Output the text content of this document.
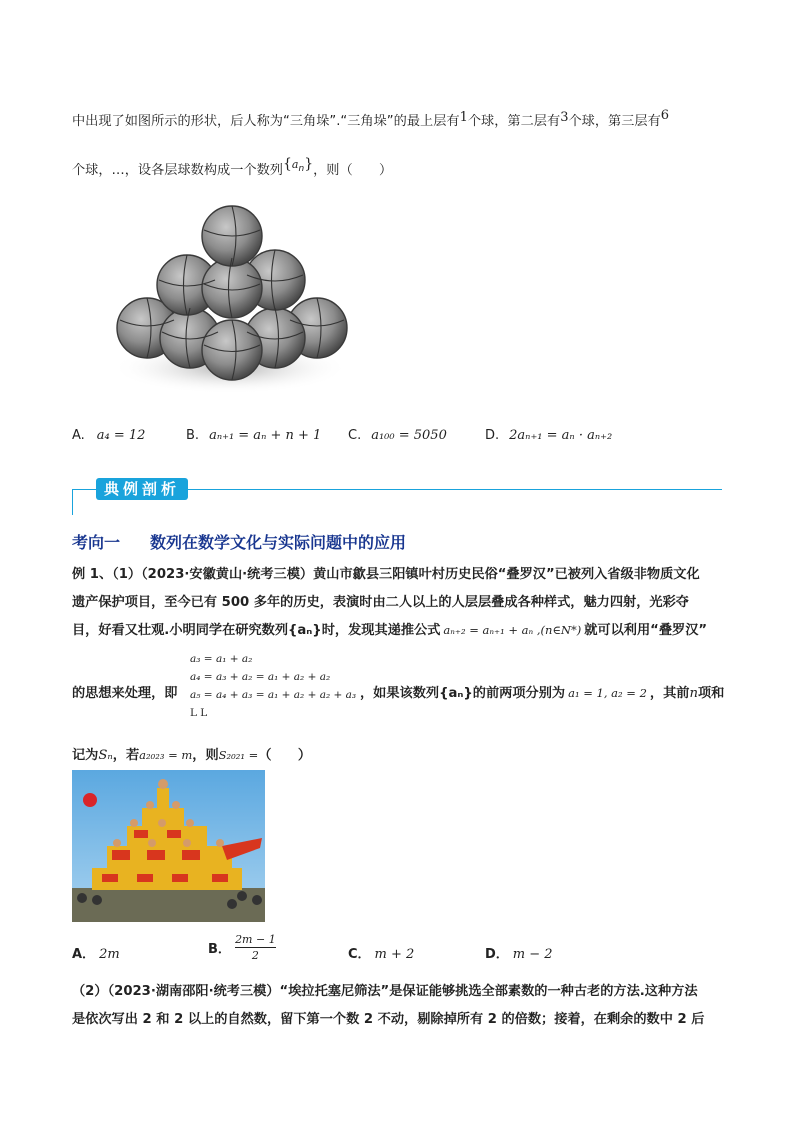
中出现了如图所示的形状，后人称为“三角垛”.“三角垛”的最上层有1个球，第二层有3个球，第三层有6
个球，…，设各层球数构成一个数列{$^{an}$}，则（　　）
A. a₄ = 12	B. aₙ₊₁ = aₙ + n + 1 C. a₁₀₀ = 5050	D. 2aₙ₊₁ = aₙ · aₙ₊₂
典例剖析
考向一 数列在数学文化与实际问题中的应用
例 1、（1）（2023·安徽黄山·统考三模）黄山市歙县三阳镇叶村历史民俗“叠罗汉”已被列入省级非物质文化
遗产保护项目，至今已有 500 多年的历史，表演时由二人以上的人层层叠成各种样式，魅力四射，光彩夺
目，好看又壮观.小明同学在研究数列{aₙ}时，发现其递推公式 aₙ₊₂ = aₙ₊₁ + aₙ ,(n∈N*) 就可以利用“叠罗汉”
a₃ = a₁ + a₂
a₄ = a₃ + a₂ = a₁ + a₂ + a₂
a₅ = a₄ + a₃ = a₁ + a₂ + a₂ + a₃
L L
的思想来处理，即	，如果该数列{aₙ}的前两项分别为 a₁ = 1, a₂ = 2 ，其前n项和
记为Sₙ，若a₂₀₂₃ = m，则S₂₀₂₁ =（　　）
A． 2m	B． $\frac{2m - 1}{2}$	C． m + 2	D． m − 2
（2）（2023·湖南邵阳·统考三模）“埃拉托塞尼筛法”是保证能够挑选全部素数的一种古老的方法.这种方法
是依次写出 2 和 2 以上的自然数，留下第一个数 2 不动，剔除掉所有 2 的倍数；接着，在剩余的数中 2 后
